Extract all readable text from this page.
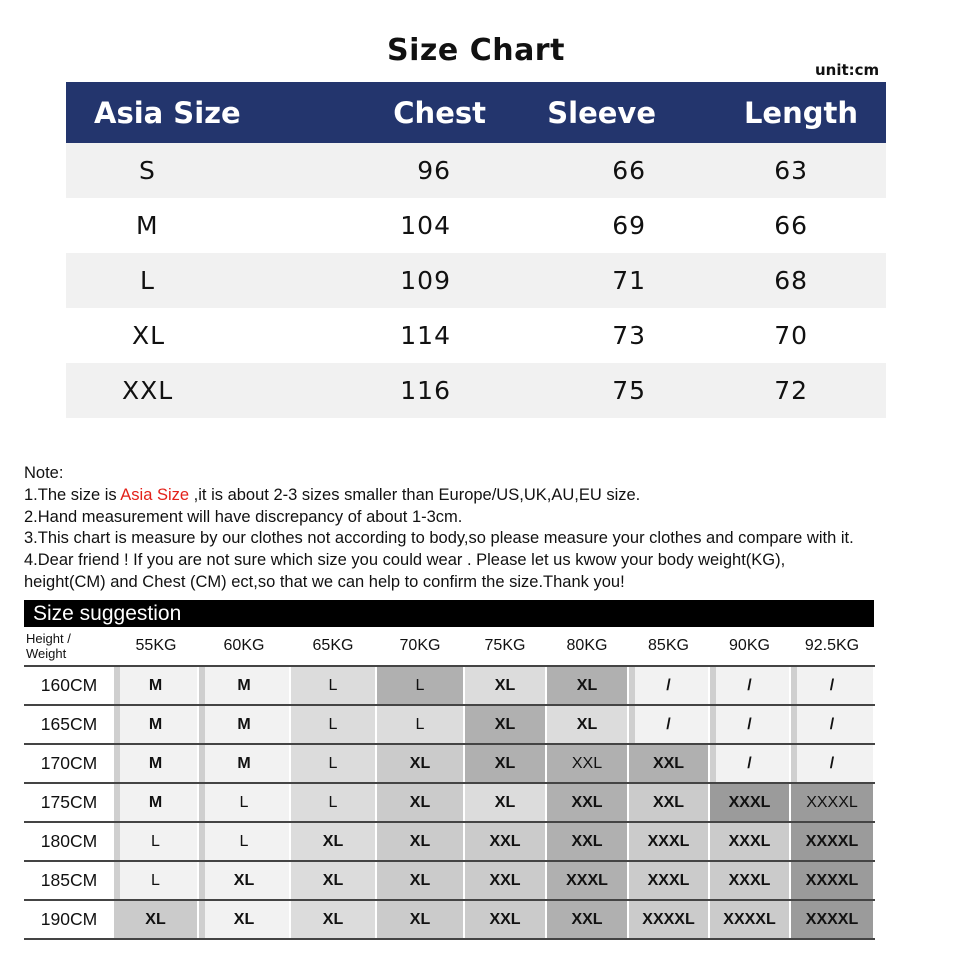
Size Chart
unit:cm
Asia Size	Chest	Sleeve	Length
S	96	66	63
M	104	69	66
L	109	71	68
XL	114	73	70
XXL	116	75	72
Note:
1.The size is Asia Size ,it is about 2-3 sizes smaller than Europe/US,UK,AU,EU size.
2.Hand measurement will have discrepancy of about 1-3cm.
3.This chart is measure by our clothes not according to body,so please measure your clothes and compare with it.
4.Dear friend ! If you are not sure which size you could wear . Please let us kwow your body weight(KG),
height(CM) and Chest (CM) ect,so that we can help to confirm the size.Thank you!
Size suggestion
Height / Weight	55KG	60KG	65KG	70KG	75KG	80KG	85KG	90KG	92.5KG
160CM	M	M	L	L	XL	XL	/	/	/
165CM	M	M	L	L	XL	XL	/	/	/
170CM	M	M	L	XL	XL	XXL	XXL	/	/
175CM	M	L	L	XL	XL	XXL	XXL	XXXL	XXXXL
180CM	L	L	XL	XL	XXL	XXL	XXXL	XXXL	XXXXL
185CM	L	XL	XL	XL	XXL	XXXL	XXXL	XXXL	XXXXL
190CM	XL	XL	XL	XL	XXL	XXL	XXXXL	XXXXL	XXXXL
